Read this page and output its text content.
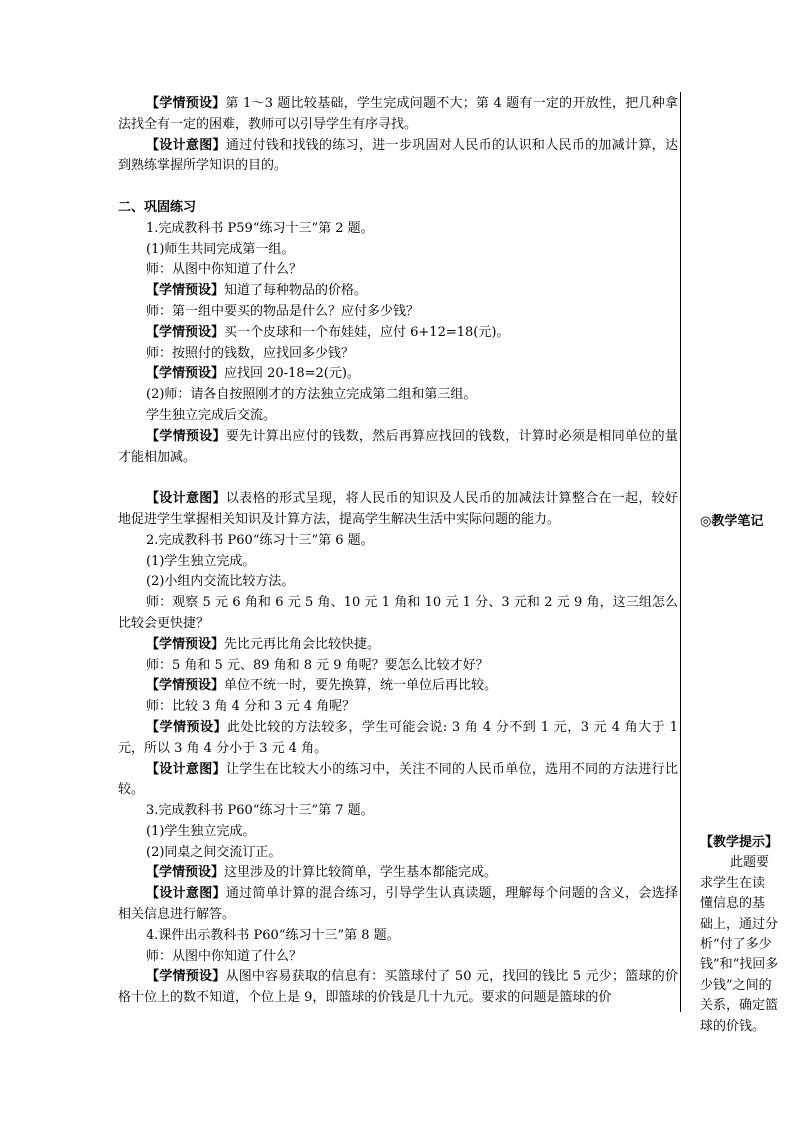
【学情预设】第 1～3 题比较基础，学生完成问题不大；第 4 题有一定的开放性，把几种拿法找全有一定的困难，教师可以引导学生有序寻找。

【设计意图】通过付钱和找钱的练习，进一步巩固对人民币的认识和人民币的加减计算，达到熟练掌握所学知识的目的。

二、巩固练习

1.完成教科书 P59“练习十三”第 2 题。

(1)师生共同完成第一组。

师：从图中你知道了什么？

【学情预设】知道了每种物品的价格。

师：第一组中要买的物品是什么？应付多少钱？

【学情预设】买一个皮球和一个布娃娃，应付 6+12=18(元)。

师：按照付的钱数，应找回多少钱？

【学情预设】应找回 20-18=2(元)。

(2)师：请各自按照刚才的方法独立完成第二组和第三组。

学生独立完成后交流。

【学情预设】要先计算出应付的钱数，然后再算应找回的钱数，计算时必须是相同单位的量才能相加减。

【设计意图】以表格的形式呈现，将人民币的知识及人民币的加减法计算整合在一起，较好地促进学生掌握相关知识及计算方法，提高学生解决生活中实际问题的能力。

2.完成教科书 P60“练习十三”第 6 题。

(1)学生独立完成。

(2)小组内交流比较方法。

师：观察 5 元 6 角和 6 元 5 角、10 元 1 角和 10 元 1 分、3 元和 2 元 9 角，这三组怎么比较会更快捷？

【学情预设】先比元再比角会比较快捷。

师：5 角和 5 元、89 角和 8 元 9 角呢？要怎么比较才好？

【学情预设】单位不统一时，要先换算，统一单位后再比较。

师：比较 3 角 4 分和 3 元 4 角呢？

【学情预设】此处比较的方法较多，学生可能会说: 3 角 4 分不到 1 元，3 元 4 角大于 1 元，所以 3 角 4 分小于 3 元 4 角。

【设计意图】让学生在比较大小的练习中，关注不同的人民币单位，选用不同的方法进行比较。

3.完成教科书 P60“练习十三”第 7 题。

(1)学生独立完成。

(2)同桌之间交流订正。

【学情预设】这里涉及的计算比较简单，学生基本都能完成。

【设计意图】通过简单计算的混合练习，引导学生认真读题，理解每个问题的含义，会选择相关信息进行解答。

4.课件出示教科书 P60“练习十三”第 8 题。

师：从图中你知道了什么？

【学情预设】从图中容易获取的信息有：买篮球付了 50 元，找回的钱比 5 元少；篮球的价格十位上的数不知道，个位上是 9，即篮球的价钱是几十九元。要求的问题是篮球的价

◎教学笔记

【教学提示】

此题要

求学生在读

懂信息的基

础上，通过分

析“付了多少

钱”和“找回多

少钱”之间的

关系，确定篮

球的价钱。
